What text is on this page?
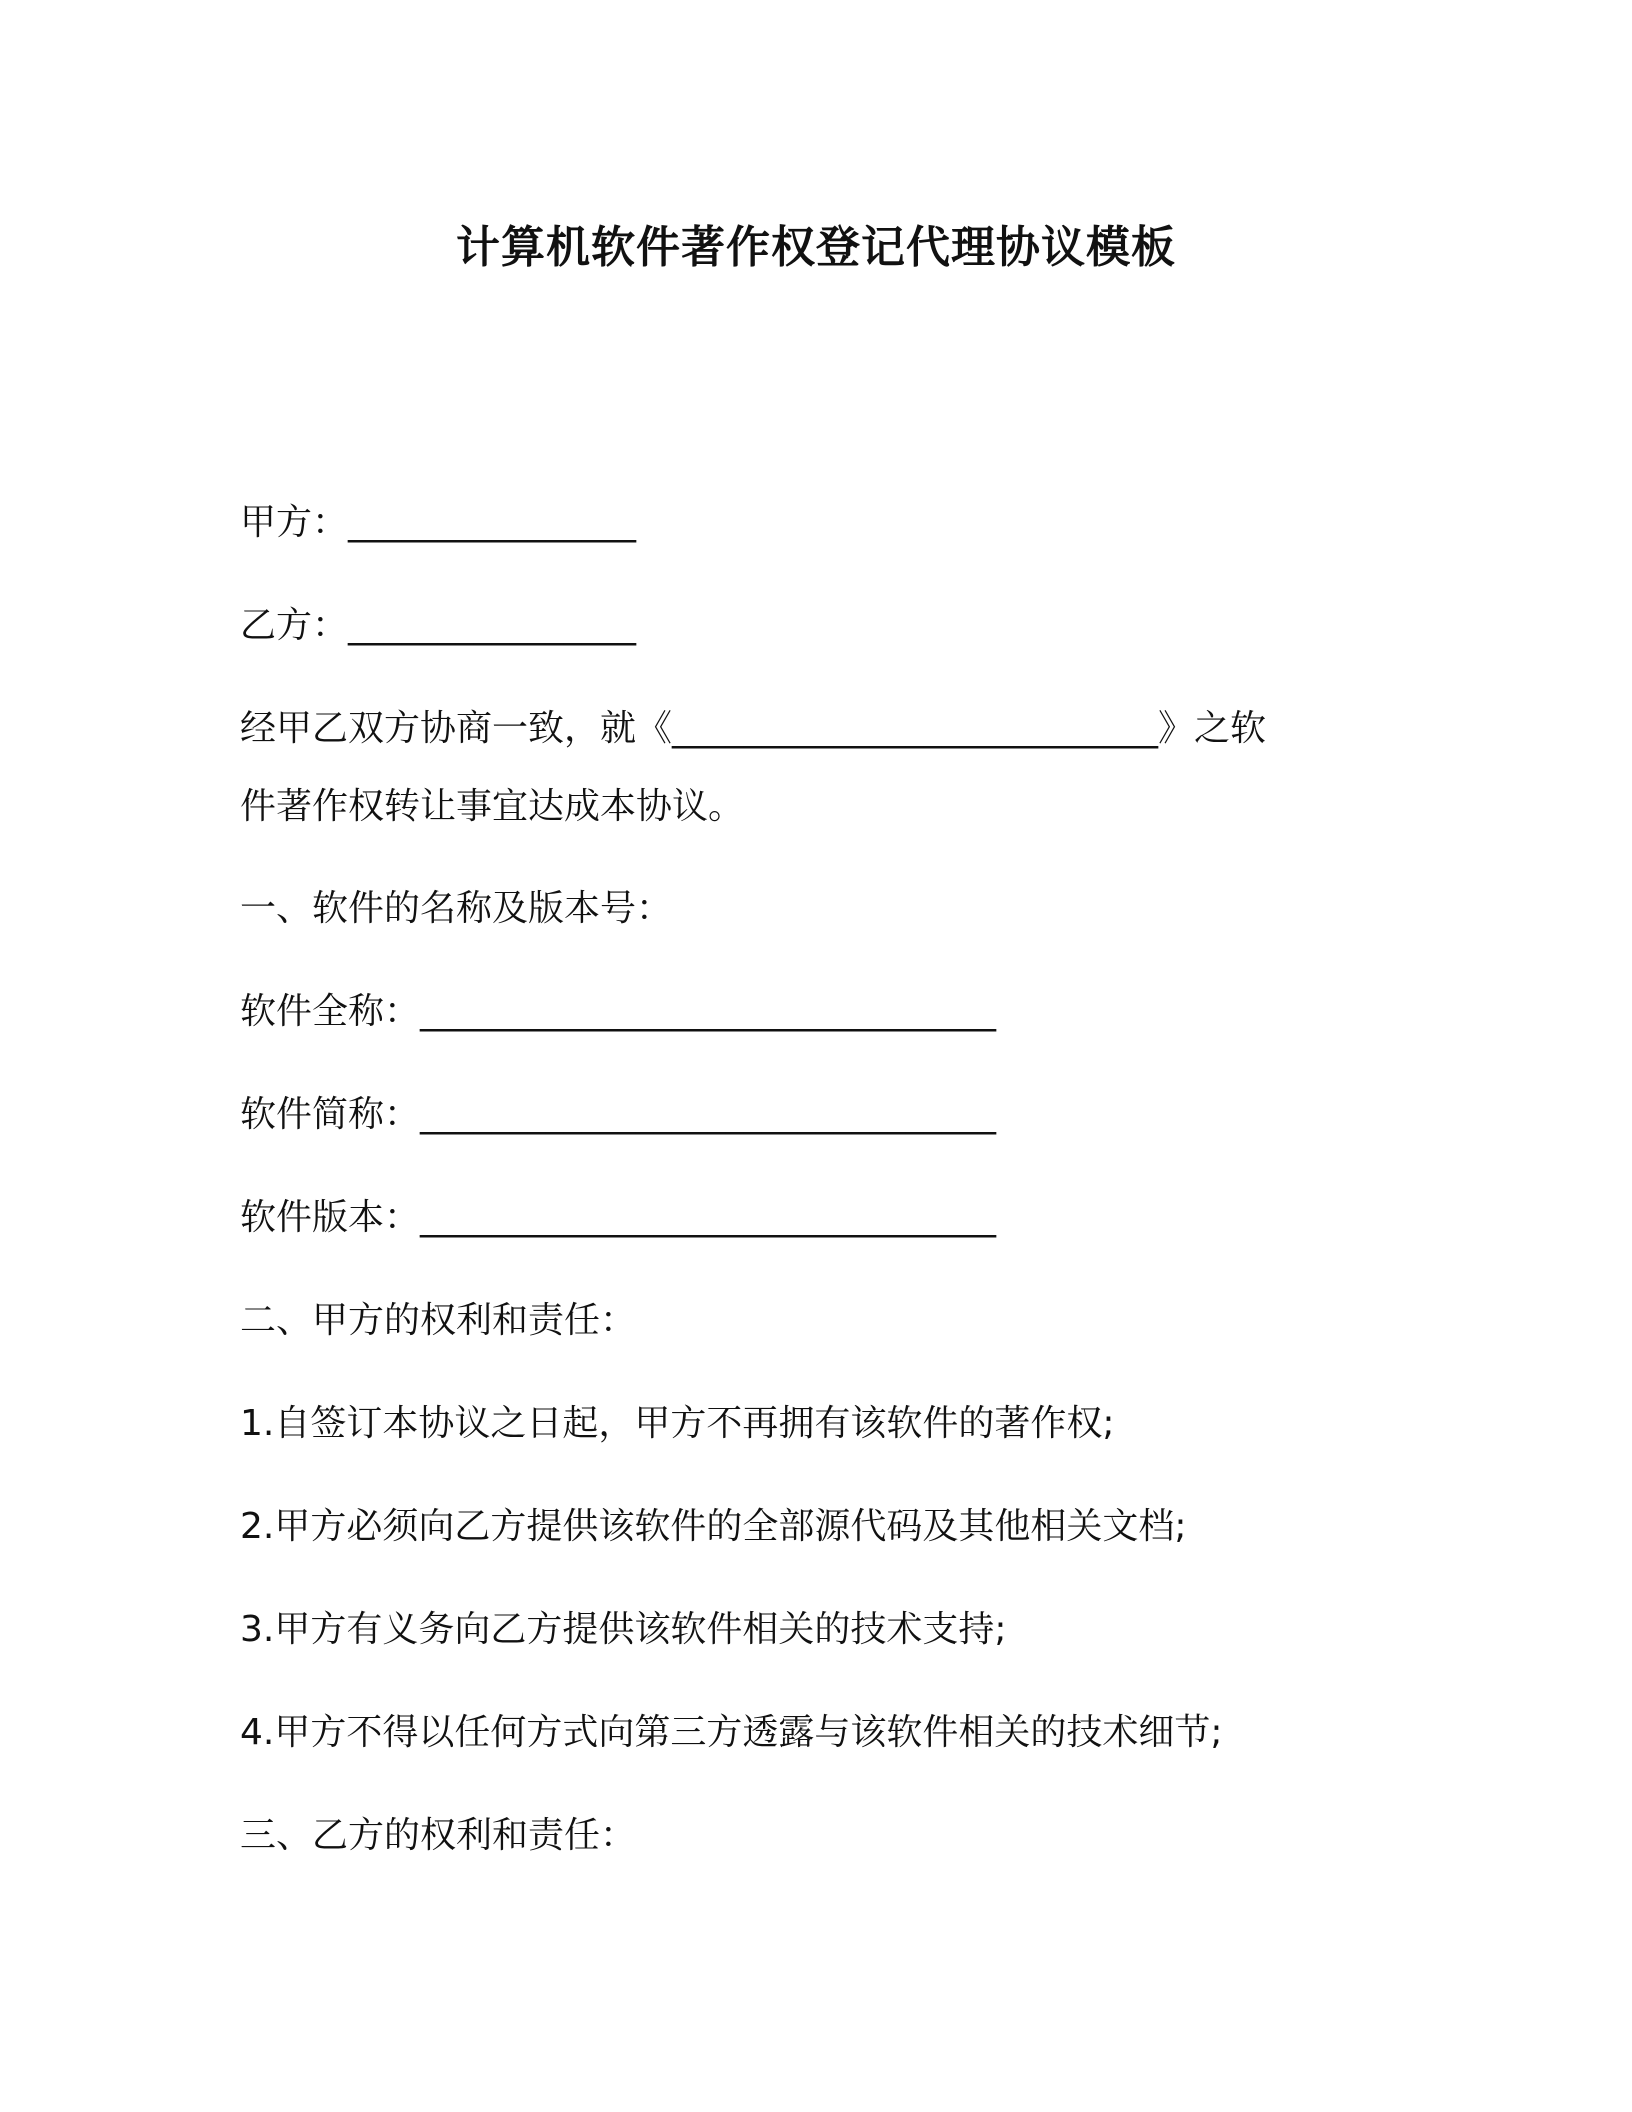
计算机软件著作权登记代理协议模板
甲方：________________
乙方：________________
经甲乙双方协商一致，就《___________________________》之软
件著作权转让事宜达成本协议。
一、软件的名称及版本号：
软件全称：________________________________
软件简称：________________________________
软件版本：________________________________
二、甲方的权利和责任：
1.自签订本协议之日起，甲方不再拥有该软件的著作权;
2.甲方必须向乙方提供该软件的全部源代码及其他相关文档;
3.甲方有义务向乙方提供该软件相关的技术支持;
4.甲方不得以任何方式向第三方透露与该软件相关的技术细节;
三、乙方的权利和责任：
